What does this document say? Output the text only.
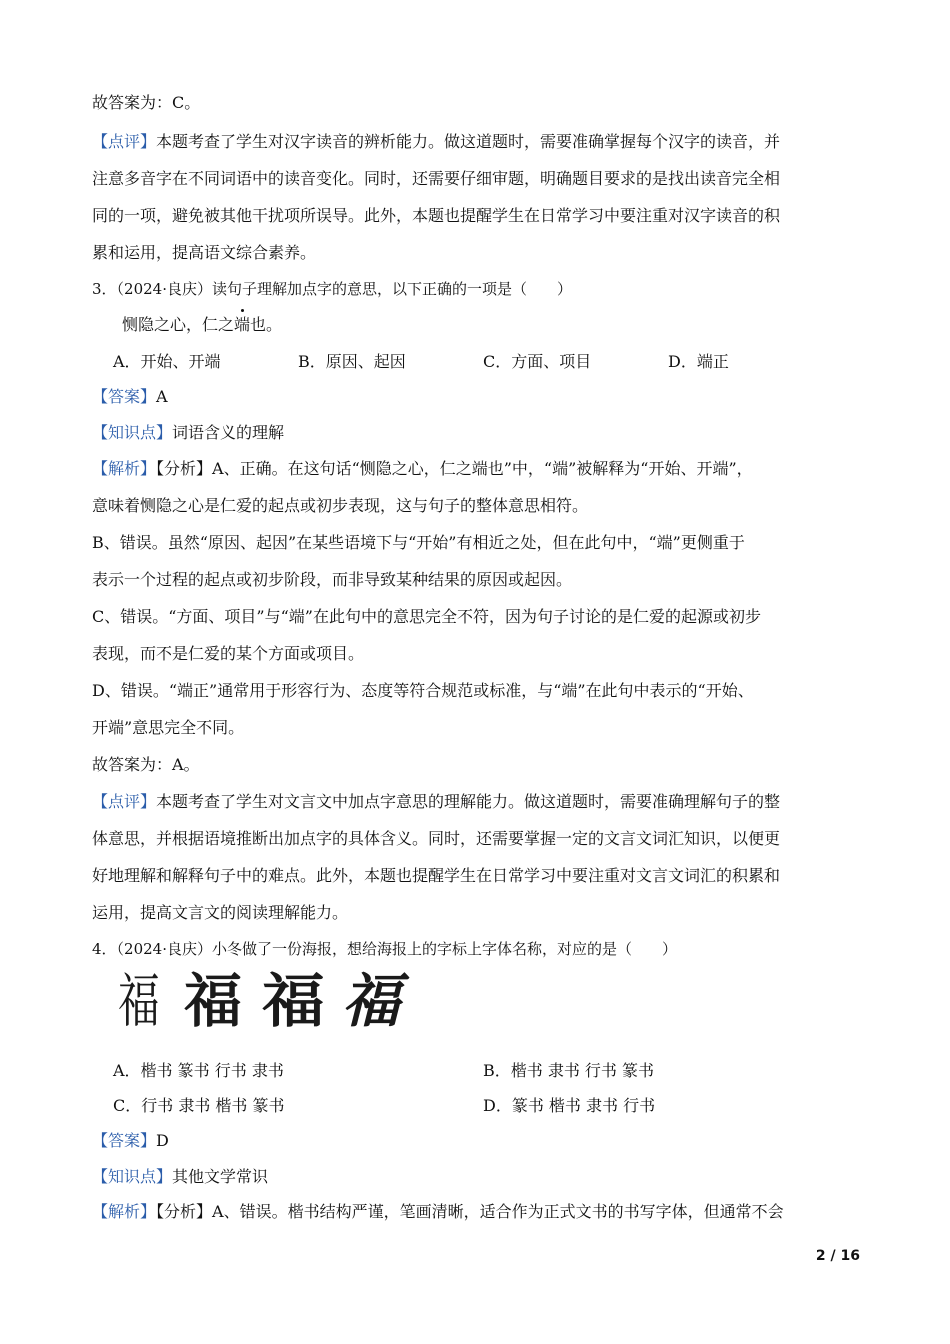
故答案为：C。
【点评】本题考查了学生对汉字读音的辨析能力。做这道题时，需要准确掌握每个汉字的读音，并
注意多音字在不同词语中的读音变化。同时，还需要仔细审题，明确题目要求的是找出读音完全相
同的一项，避免被其他干扰项所误导。此外，本题也提醒学生在日常学习中要注重对汉字读音的积
累和运用，提高语文综合素养。
3．（2024·良庆）读句子理解加点字的意思，以下正确的一项是（　　）
恻隐之心，仁之端也。
A．开始、开端	B．原因、起因	C．方面、项目	D．端正
【答案】A
【知识点】词语含义的理解
【解析】【分析】A、正确。在这句话“恻隐之心，仁之端也”中，“端”被解释为“开始、开端”，
意味着恻隐之心是仁爱的起点或初步表现，这与句子的整体意思相符。
B、错误。虽然“原因、起因”在某些语境下与“开始”有相近之处，但在此句中，“端”更侧重于
表示一个过程的起点或初步阶段，而非导致某种结果的原因或起因。
C、错误。“方面、项目”与“端”在此句中的意思完全不符，因为句子讨论的是仁爱的起源或初步
表现，而不是仁爱的某个方面或项目。
D、错误。“端正”通常用于形容行为、态度等符合规范或标准，与“端”在此句中表示的“开始、
开端”意思完全不同。
故答案为：A。
【点评】本题考查了学生对文言文中加点字意思的理解能力。做这道题时，需要准确理解句子的整
体意思，并根据语境推断出加点字的具体含义。同时，还需要掌握一定的文言文词汇知识，以便更
好地理解和解释句子中的难点。此外，本题也提醒学生在日常学习中要注重对文言文词汇的积累和
运用，提高文言文的阅读理解能力。
4．（2024·良庆）小冬做了一份海报，想给海报上的字标上字体名称，对应的是（　　）
福 福 福 福
A．楷书 篆书 行书 隶书	B．楷书 隶书 行书 篆书
C．行书 隶书 楷书 篆书	D．篆书 楷书 隶书 行书
【答案】D
【知识点】其他文学常识
【解析】【分析】A、错误。楷书结构严谨，笔画清晰，适合作为正式文书的书写字体，但通常不会
2 / 16
